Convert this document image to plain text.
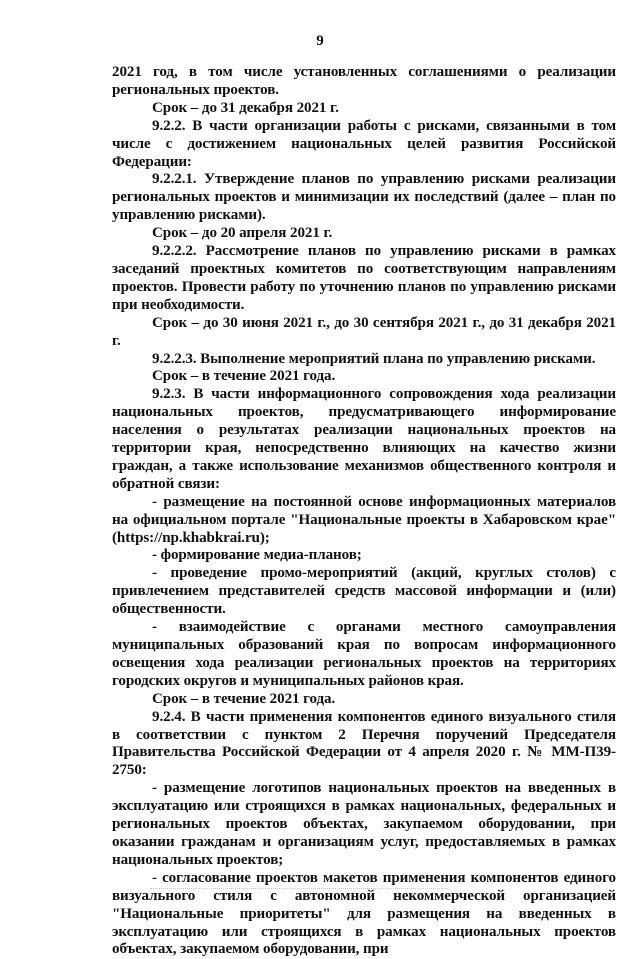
9

2021 год, в том числе установленных соглашениями о реализации региональных проектов.

Срок – до 31 декабря 2021 г.

9.2.2. В части организации работы с рисками, связанными в том числе с достижением национальных целей развития Российской Федерации:

9.2.2.1. Утверждение планов по управлению рисками реализации региональных проектов и минимизации их последствий (далее – план по управлению рисками).

Срок – до 20 апреля 2021 г.

9.2.2.2. Рассмотрение планов по управлению рисками в рамках заседаний проектных комитетов по соответствующим направлениям проектов. Провести работу по уточнению планов по управлению рисками при необходимости.

Срок – до 30 июня 2021 г., до 30 сентября 2021 г., до 31 декабря 2021 г.

9.2.2.3. Выполнение мероприятий плана по управлению рисками.

Срок – в течение 2021 года.

9.2.3. В части информационного сопровождения хода реализации национальных проектов, предусматривающего информирование населения о результатах реализации национальных проектов на территории края, непосредственно влияющих на качество жизни граждан, а также использование механизмов общественного контроля и обратной связи:

- размещение на постоянной основе информационных материалов на официальном портале "Национальные проекты в Хабаровском крае" (https://np.khabkrai.ru);

- формирование медиа-планов;

- проведение промо-мероприятий (акций, круглых столов) с привлечением представителей средств массовой информации и (или) общественности.

- взаимодействие с органами местного самоуправления муниципальных образований края по вопросам информационного освещения хода реализации региональных проектов на территориях городских округов и муниципальных районов края.

Срок – в течение 2021 года.

9.2.4. В части применения компонентов единого визуального стиля в соответствии с пунктом 2 Перечня поручений Председателя Правительства Российской Федерации от 4 апреля 2020 г. № ММ-П39-2750:

- размещение логотипов национальных проектов на введенных в эксплуатацию или строящихся в рамках национальных, федеральных и региональных проектов объектах, закупаемом оборудовании, при оказании гражданам и организациям услуг, предоставляемых в рамках национальных проектов;

- согласование проектов макетов применения компонентов единого визуального стиля с автономной некоммерческой организацией "Национальные приоритеты" для размещения на введенных в эксплуатацию или строящихся в рамках национальных проектов объектах, закупаемом оборудовании, при
